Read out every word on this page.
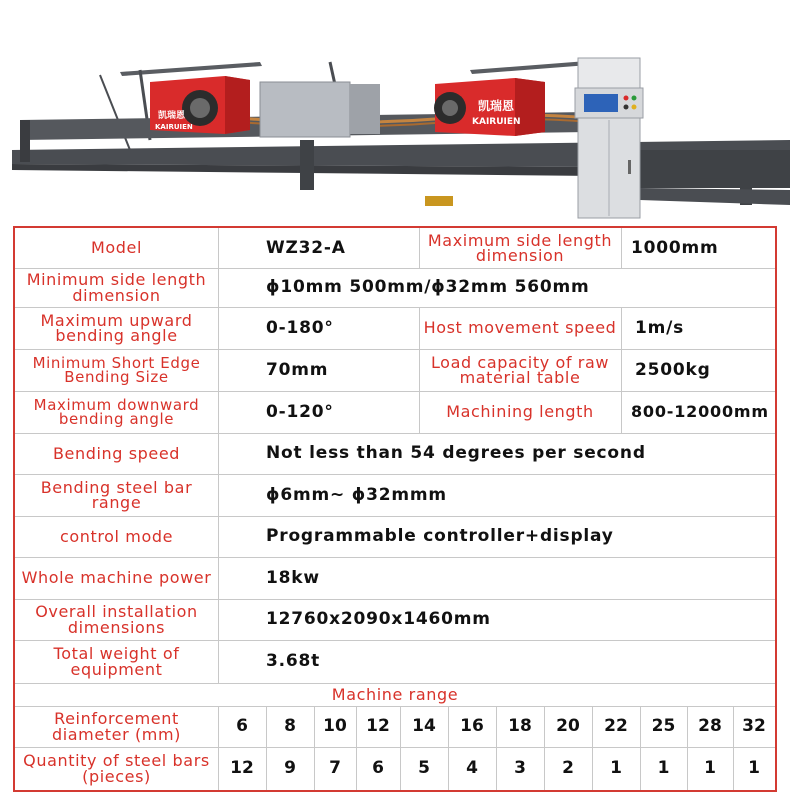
凯瑞恩
KAIRUIEN
凯瑞恩
KAIRUIEN
Model	WZ32-A	Maximum side length dimension	1000mm
Minimum side length dimension	ϕ10mm 500mm/ϕ32mm 560mm
Maximum upward bending angle	0-180°	Host movement speed	1m/s
Minimum Short Edge Bending Size	70mm	Load capacity of raw material table	2500kg
Maximum downward bending angle	0-120°	Machining length	800-12000mm
Bending speed	Not less than 54 degrees per second
Bending steel bar range	ϕ6mm~ ϕ32mmm
control mode	Programmable controller+display
Whole machine power	18kw
Overall installation dimensions	12760x2090x1460mm
Total weight of equipment	3.68t
Machine range
Reinforcement diameter (mm)	6	8	10	12	14	16	18	20	22	25	28	32
Quantity of steel bars (pieces)	12	9	7	6	5	4	3	2	1	1	1	1
